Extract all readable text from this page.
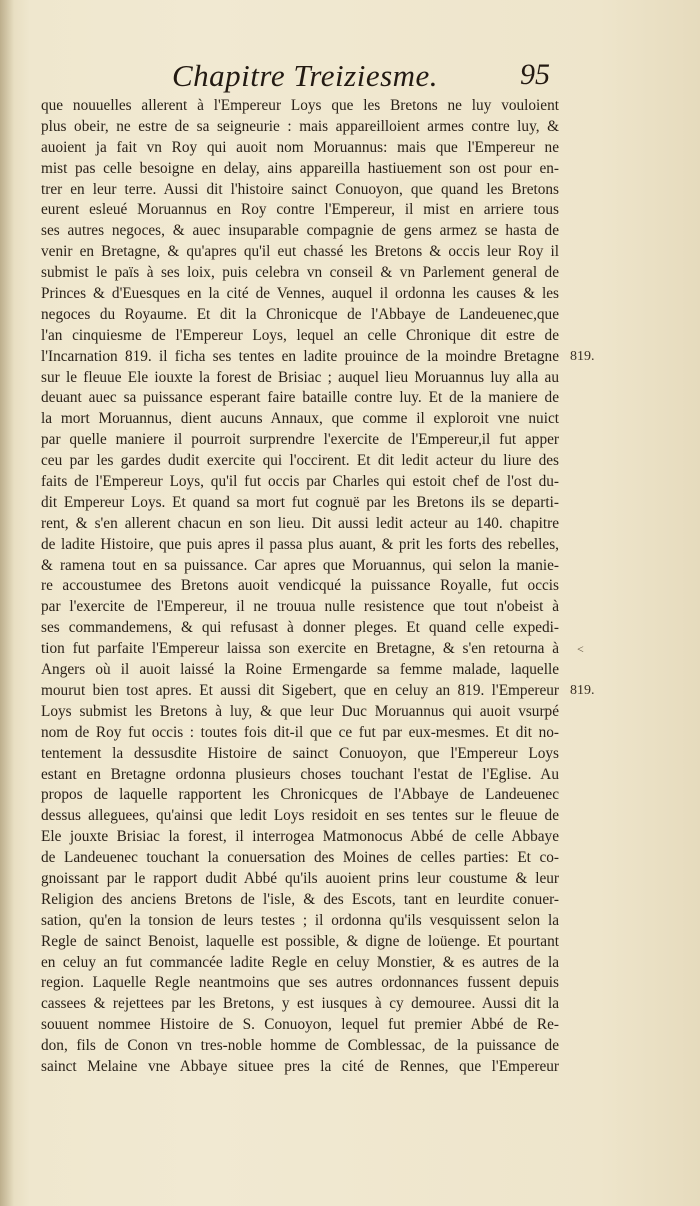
Chapitre Treiziesme.	95
que nouuelles allerent à l'Empereur Loys que les Bretons ne luy vouloient
plus obeir, ne estre de sa seigneurie : mais appareilloient armes contre luy, &
auoient ja fait vn Roy qui auoit nom Moruannus: mais que l'Empereur ne
mist pas celle besoigne en delay, ains appareilla hastiuement son ost pour en-
trer en leur terre. Aussi dit l'histoire sainct Conuoyon, que quand les Bretons
eurent esleué Moruannus en Roy contre l'Empereur, il mist en arriere tous
ses autres negoces, & auec insuparable compagnie de gens armez se hasta de
venir en Bretagne, & qu'apres qu'il eut chassé les Bretons & occis leur Roy il
submist le païs à ses loix, puis celebra vn conseil & vn Parlement general de
Princes & d'Euesques en la cité de Vennes, auquel il ordonna les causes & les
negoces du Royaume. Et dit la Chronicque de l'Abbaye de Landeuenec,que
l'an cinquiesme de l'Empereur Loys, lequel an celle Chronique dit estre de
l'Incarnation 819. il ficha ses tentes en ladite prouince de la moindre Bretagne
sur le fleuue Ele iouxte la forest de Brisiac ; auquel lieu Moruannus luy alla au
deuant auec sa puissance esperant faire bataille contre luy. Et de la maniere de
la mort Moruannus, dient aucuns Annaux, que comme il exploroit vne nuict
par quelle maniere il pourroit surprendre l'exercite de l'Empereur,il fut apper
ceu par les gardes dudit exercite qui l'occirent. Et dit ledit acteur du liure des
faits de l'Empereur Loys, qu'il fut occis par Charles qui estoit chef de l'ost du-
dit Empereur Loys. Et quand sa mort fut cognuë par les Bretons ils se departi-
rent, & s'en allerent chacun en son lieu. Dit aussi ledit acteur au 140. chapitre
de ladite Histoire, que puis apres il passa plus auant, & prit les forts des rebelles,
& ramena tout en sa puissance. Car apres que Moruannus, qui selon la manie-
re accoustumee des Bretons auoit vendicqué la puissance Royalle, fut occis
par l'exercite de l'Empereur, il ne trouua nulle resistence que tout n'obeist à
ses commandemens, & qui refusast à donner pleges. Et quand celle expedi-
tion fut parfaite l'Empereur laissa son exercite en Bretagne, & s'en retourna à
Angers où il auoit laissé la Roine Ermengarde sa femme malade, laquelle
mourut bien tost apres. Et aussi dit Sigebert, que en celuy an 819. l'Empereur
Loys submist les Bretons à luy, & que leur Duc Moruannus qui auoit vsurpé
nom de Roy fut occis : toutes fois dit-il que ce fut par eux-mesmes. Et dit no-
tentement la dessusdite Histoire de sainct Conuoyon, que l'Empereur Loys
estant en Bretagne ordonna plusieurs choses touchant l'estat de l'Eglise. Au
propos de laquelle rapportent les Chronicques de l'Abbaye de Landeuenec
dessus alleguees, qu'ainsi que ledit Loys residoit en ses tentes sur le fleuue de
Ele jouxte Brisiac la forest, il interrogea Matmonocus Abbé de celle Abbaye
de Landeuenec touchant la conuersation des Moines de celles parties: Et co-
gnoissant par le rapport dudit Abbé qu'ils auoient prins leur coustume & leur
Religion des anciens Bretons de l'isle, & des Escots, tant en leurdite conuer-
sation, qu'en la tonsion de leurs testes ; il ordonna qu'ils vesquissent selon la
Regle de sainct Benoist, laquelle est possible, & digne de loüenge. Et pourtant
en celuy an fut commancée ladite Regle en celuy Monstier, & es autres de la
region. Laquelle Regle neantmoins que ses autres ordonnances fussent depuis
cassees & rejettees par les Bretons, y est iusques à cy demouree. Aussi dit la
souuent nommee Histoire de S. Conuoyon, lequel fut premier Abbé de Re-
don, fils de Conon vn tres-noble homme de Comblessac, de la puissance de
sainct Melaine vne Abbaye situee pres la cité de Rennes, que l'Empereur
819.
819.
<
